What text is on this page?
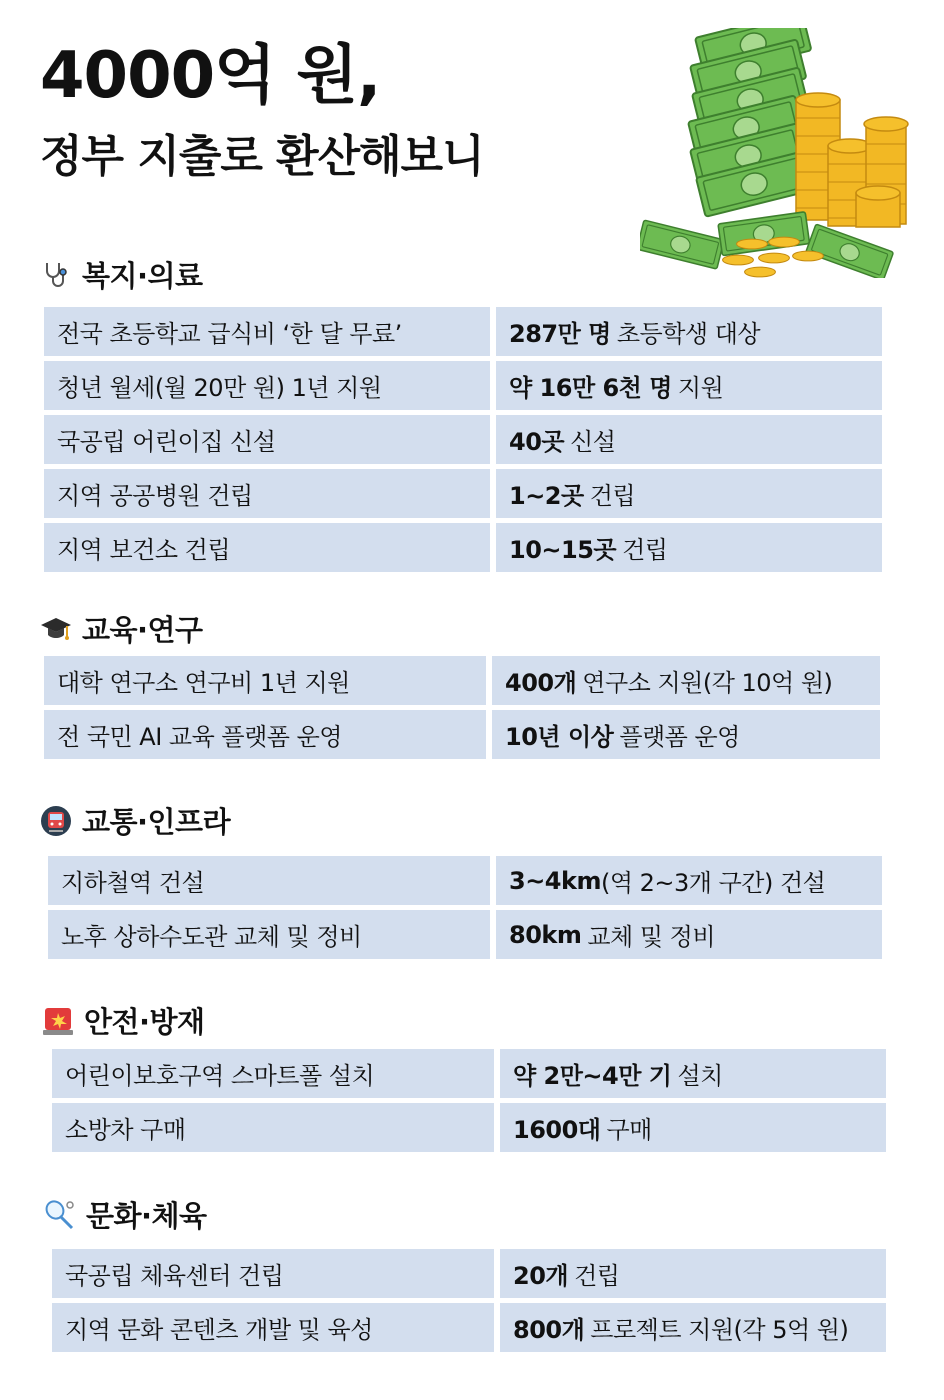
4000억 원,
정부 지출로 환산해보니
복지·의료
전국 초등학교 급식비 ‘한 달 무료’	287만 명 초등학생 대상
청년 월세(월 20만 원) 1년 지원	약 16만 6천 명 지원
국공립 어린이집 신설	40곳 신설
지역 공공병원 건립	1~2곳 건립
지역 보건소 건립	10~15곳 건립
교육·연구
대학 연구소 연구비 1년 지원	400개 연구소 지원(각 10억 원)
전 국민 AI 교육 플랫폼 운영	10년 이상 플랫폼 운영
교통·인프라
지하철역 건설	3~4km (역 2~3개 구간) 건설
노후 상하수도관 교체 및 정비	80km 교체 및 정비
안전·방재
어린이보호구역 스마트폴 설치	약 2만~4만 기 설치
소방차 구매	1600대 구매
문화·체육
국공립 체육센터 건립	20개 건립
지역 문화 콘텐츠 개발 및 육성	800개 프로젝트 지원(각 5억 원)
